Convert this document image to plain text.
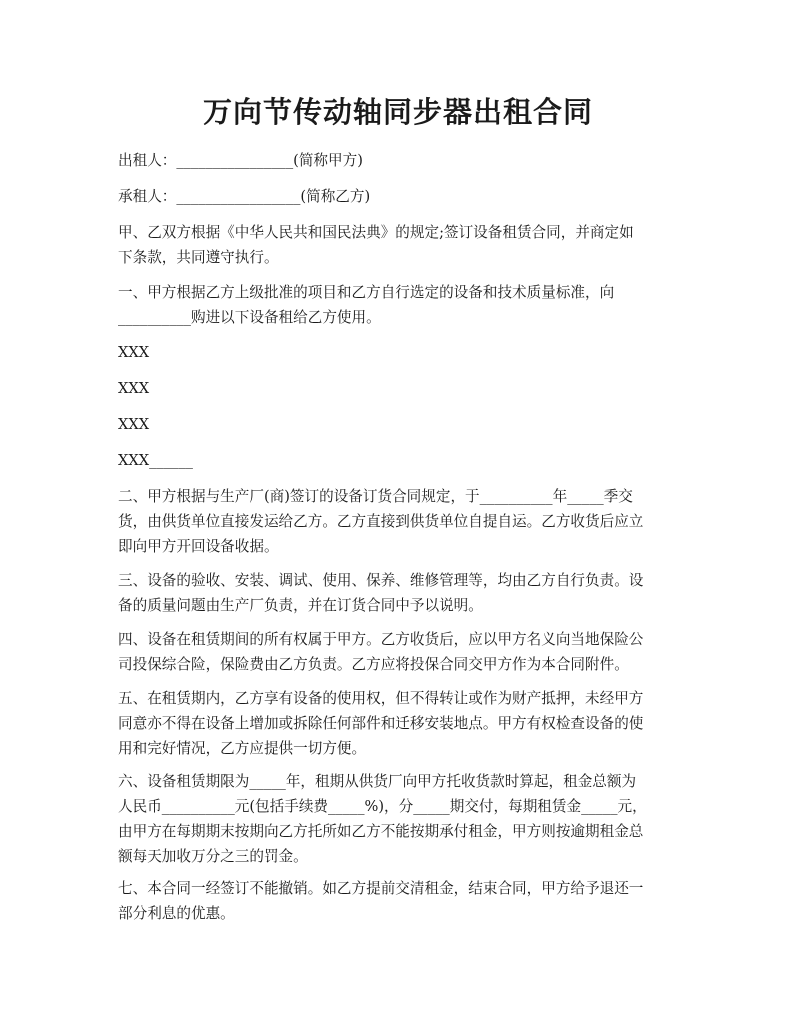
万向节传动轴同步器出租合同
出租人：________________(简称甲方)
承租人：_________________(简称乙方)
甲、乙双方根据《中华人民共和国民法典》的规定;签订设备租赁合同，并商定如
下条款，共同遵守执行。
一、甲方根据乙方上级批准的项目和乙方自行选定的设备和技术质量标准，向
__________购进以下设备租给乙方使用。
XXX
XXX
XXX
XXX______
二、甲方根据与生产厂(商)签订的设备订货合同规定，于__________年_____季交
货，由供货单位直接发运给乙方。乙方直接到供货单位自提自运。乙方收货后应立
即向甲方开回设备收据。
三、设备的验收、安装、调试、使用、保养、维修管理等，均由乙方自行负责。设
备的质量问题由生产厂负责，并在订货合同中予以说明。
四、设备在租赁期间的所有权属于甲方。乙方收货后，应以甲方名义向当地保险公
司投保综合险，保险费由乙方负责。乙方应将投保合同交甲方作为本合同附件。
五、在租赁期内，乙方享有设备的使用权，但不得转让或作为财产抵押，未经甲方
同意亦不得在设备上增加或拆除任何部件和迁移安装地点。甲方有权检查设备的使
用和完好情况，乙方应提供一切方便。
六、设备租赁期限为_____年，租期从供货厂向甲方托收货款时算起，租金总额为
人民币__________元(包括手续费_____%)，分_____期交付，每期租赁金_____元，
由甲方在每期期末按期向乙方托所如乙方不能按期承付租金，甲方则按逾期租金总
额每天加收万分之三的罚金。
七、本合同一经签订不能撤销。如乙方提前交清租金，结束合同，甲方给予退还一
部分利息的优惠。
